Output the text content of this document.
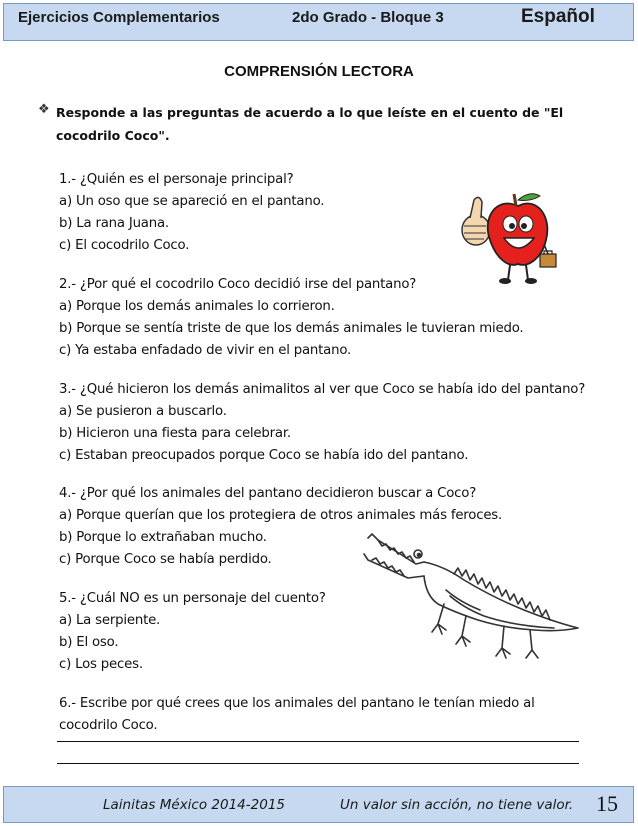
Ejercicios Complementarios	2do Grado - Bloque 3	Español
COMPRENSIÓN LECTORA
❖ Responde a las preguntas de acuerdo a lo que leíste en el cuento de "El cocodrilo Coco".
1.- ¿Quién es el personaje principal?
a) Un oso que se apareció en el pantano.
b) La rana Juana.
c) El cocodrilo Coco.
2.- ¿Por qué el cocodrilo Coco decidió irse del pantano?
a) Porque los demás animales lo corrieron.
b) Porque se sentía triste de que los demás animales le tuvieran miedo.
c) Ya estaba enfadado de vivir en el pantano.
3.- ¿Qué hicieron los demás animalitos al ver que Coco se había ido del pantano?
a) Se pusieron a buscarlo.
b) Hicieron una fiesta para celebrar.
c) Estaban preocupados porque Coco se había ido del pantano.
4.- ¿Por qué los animales del pantano decidieron buscar a Coco?
a) Porque querían que los protegiera de otros animales más feroces.
b) Porque lo extrañaban mucho.
c) Porque Coco se había perdido.
5.- ¿Cuál NO es un personaje del cuento?
a) La serpiente.
b) El oso.
c) Los peces.
6.- Escribe por qué crees que los animales del pantano le tenían miedo al
cocodrilo Coco.
Lainitas México 2014-2015	Un valor sin acción, no tiene valor. 15
